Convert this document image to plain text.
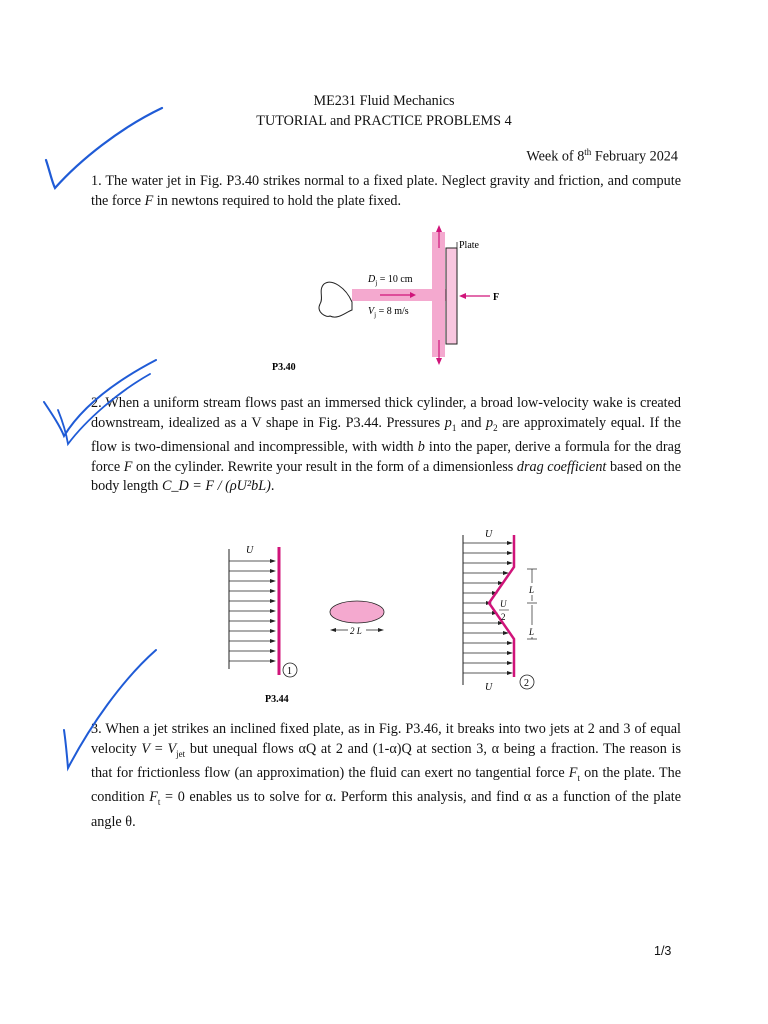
ME231 Fluid Mechanics
TUTORIAL and PRACTICE PROBLEMS 4
Week of 8th February 2024
1. The water jet in Fig. P3.40 strikes normal to a fixed plate. Neglect gravity and friction, and compute the force F in newtons required to hold the plate fixed.
Plate
F
$D_j = 10$ cm
$V_j = 8$ m/s
P3.40
2. When a uniform stream flows past an immersed thick cylinder, a broad low-velocity wake is created downstream, idealized as a V shape in Fig. P3.44. Pressures $p_1$ and $p_2$ are approximately equal. If the flow is two-dimensional and incompressible, with width b into the paper, derive a formula for the drag force F on the cylinder. Rewrite your result in the form of a dimensionless drag coefficient based on the body length C_D = F / (ρU²bL).
U
1
P3.44
2 L
U
U
2
L
L
U	2
3. When a jet strikes an inclined fixed plate, as in Fig. P3.46, it breaks into two jets at 2 and 3 of equal velocity $V = V_{jet}$ but unequal flows αQ at 2 and (1-α)Q at section 3, α being a fraction. The reason is that for frictionless flow (an approximation) the fluid can exert no tangential force $F_t$ on the plate. The condition $F_t = 0$ enables us to solve for α. Perform this analysis, and find α as a function of the plate angle θ.
1/3
